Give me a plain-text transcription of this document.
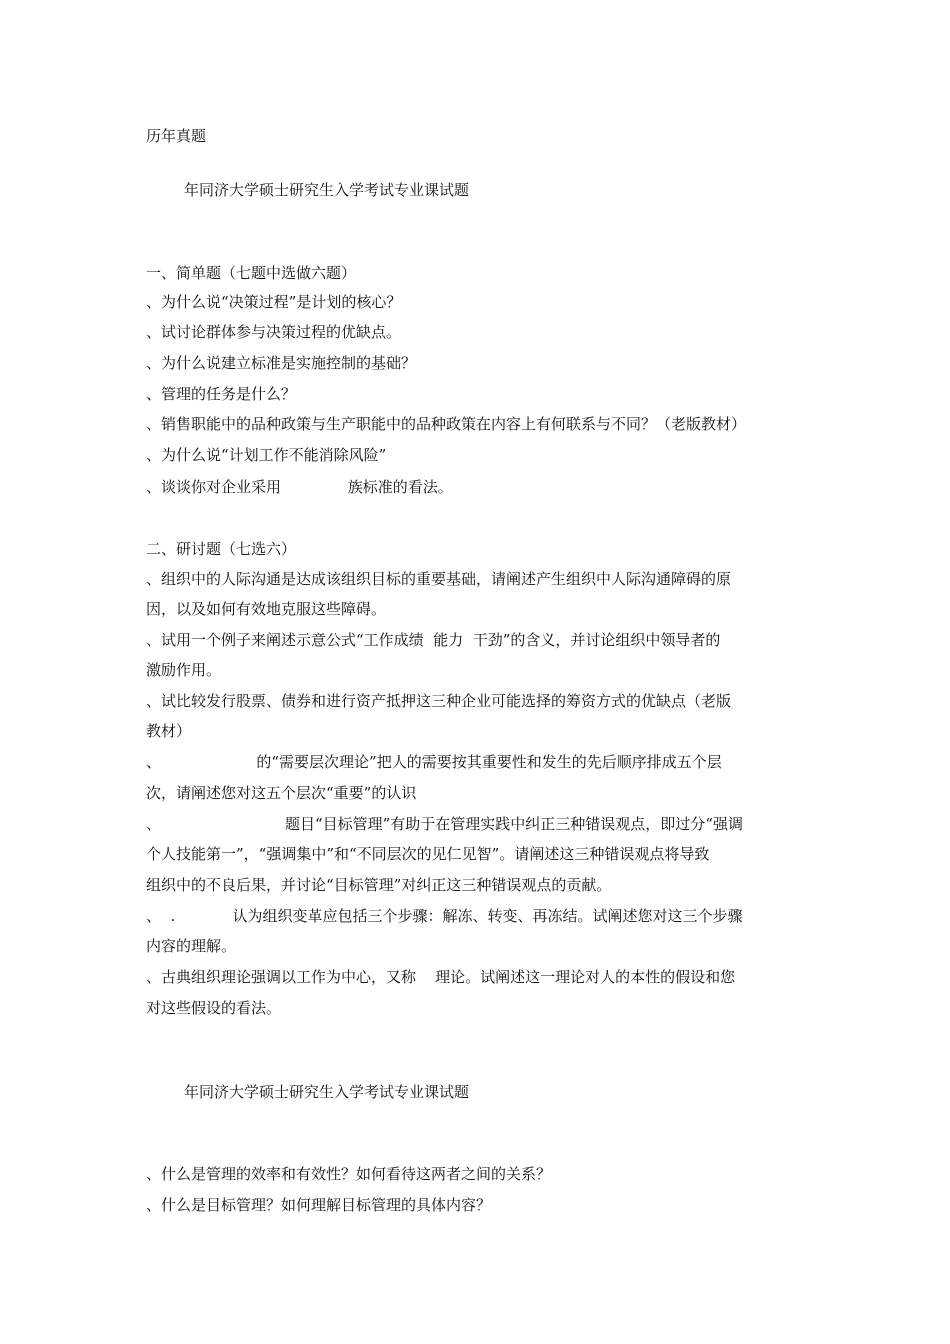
历年真题
年同济大学硕士研究生入学考试专业课试题
一、简单题（七题中选做六题）
、为什么说“决策过程”是计划的核心？
、试讨论群体参与决策过程的优缺点。
、为什么说建立标准是实施控制的基础？
、管理的任务是什么？
、销售职能中的品种政策与生产职能中的品种政策在内容上有何联系与不同？（老版教材）
、为什么说“计划工作不能消除风险”
、谈谈你对企业采用              族标准的看法。
二、研讨题（七选六）
、组织中的人际沟通是达成该组织目标的重要基础，请阐述产生组织中人际沟通障碍的原
因，以及如何有效地克服这些障碍。
、试用一个例子来阐述示意公式“工作成绩  能力  干劲”的含义，并讨论组织中领导者的
激励作用。
、试比较发行股票、债券和进行资产抵押这三种企业可能选择的筹资方式的优缺点（老版
教材）
、                    的“需要层次理论”把人的需要按其重要性和发生的先后顺序排成五个层
次，请阐述您对这五个层次“重要”的认识
、                          题目“目标管理”有助于在管理实践中纠正三种错误观点，即过分“强调
个人技能第一”，“强调集中”和“不同层次的见仁见智”。请阐述这三种错误观点将导致
组织中的不良后果，并讨论“目标管理”对纠正这三种错误观点的贡献。
、  .            认为组织变革应包括三个步骤：解冻、转变、再冻结。试阐述您对这三个步骤
内容的理解。
、古典组织理论强调以工作为中心，又称    理论。试阐述这一理论对人的本性的假设和您
对这些假设的看法。
年同济大学硕士研究生入学考试专业课试题
、什么是管理的效率和有效性？如何看待这两者之间的关系？
、什么是目标管理？如何理解目标管理的具体内容？
